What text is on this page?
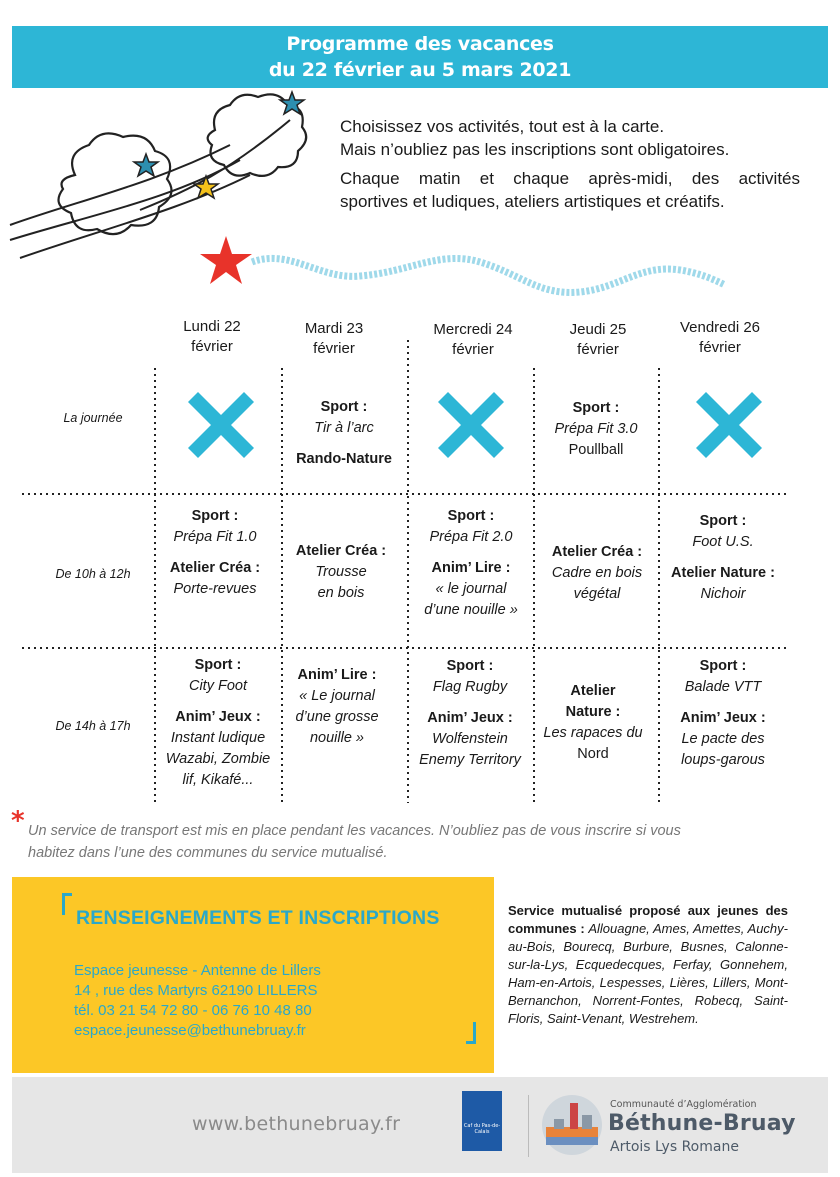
Programme des vacances
du 22 février au 5 mars 2021

Choisissez vos activités, tout est à la carte.

Mais n’oubliez pas les inscriptions sont obligatoires.

Chaque matin et chaque après-midi, des activités

sportives et ludiques, ateliers artistiques et créatifs.

Lundi 22
février
Mardi 23
février
Mercredi 24
février
Jeudi 25
février
Vendredi 26
février
La journée
De 10h à 12h
De 14h à 17h
Sport :
Tir à l’arc
Rando-Nature
Sport :
Prépa Fit 3.0
Poullball
Sport :
Prépa Fit 1.0
Atelier Créa :
Porte-revues
Atelier Créa :
Trousse
en bois
Sport :
Prépa Fit 2.0
Anim’ Lire :
« le journal
d’une nouille »
Atelier Créa :
Cadre en bois
végétal
Sport :
Foot U.S.
Atelier Nature :
Nichoir
Sport :
City Foot
Anim’ Jeux :
Instant ludique
Wazabi, Zombie
lif, Kikafé...
Anim’ Lire :
« Le journal
d’une grosse
nouille »
Sport :
Flag Rugby
Anim’ Jeux :
Wolfenstein
Enemy Territory
Atelier
Nature :
Les rapaces du
Nord
Sport :
Balade VTT
Anim’ Jeux :
Le pacte des
loups-garous
* Un service de transport est mis en place pendant les vacances. N’oubliez pas de vous inscrire si vous
habitez dans l’une des communes du service mutualisé.
RENSEIGNEMENTS ET INSCRIPTIONS
Espace jeunesse - Antenne de Lillers
14 , rue des Martyrs 62190 LILLERS
tél. 03 21 54 72 80 - 06 76 10 48 80
espace.jeunesse@bethunebruay.fr
Service mutualisé proposé aux jeunes des communes : Allouagne, Ames, Amettes, Auchy-au-Bois, Bourecq, Burbure, Busnes, Calonne-sur-la-Lys, Ecquedecques, Ferfay, Gonnehem, Ham-en-Artois, Lespesses, Lières, Lillers, Mont-Bernanchon, Norrent-Fontes, Robecq, Saint-Floris, Saint-Venant, Westrehem.
www.bethunebruay.fr	Caf du Pas-de-Calais
Communauté d’Agglomération
Béthune-Bruay
Artois Lys Romane
